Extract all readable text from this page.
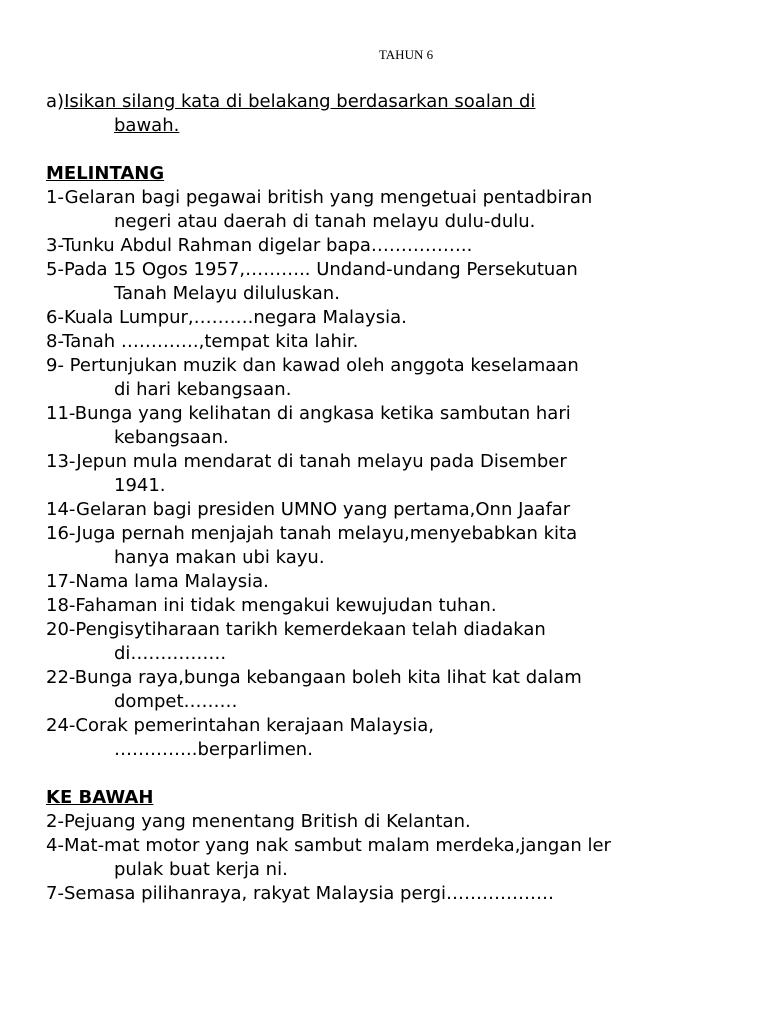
TAHUN 6
a)Isikan silang kata di belakang berdasarkan soalan di
bawah.
MELINTANG
1-Gelaran bagi pegawai british yang mengetuai pentadbiran
negeri atau daerah di tanah melayu dulu-dulu.
3-Tunku Abdul Rahman digelar bapa……………..
5-Pada 15 Ogos 1957,……….. Undand-undang Persekutuan
Tanah Melayu diluluskan.
6-Kuala Lumpur,……….negara Malaysia.
8-Tanah ………….,tempat kita lahir.
9- Pertunjukan muzik dan kawad oleh anggota keselamaan
di hari kebangsaan.
11-Bunga yang kelihatan di angkasa ketika sambutan hari
kebangsaan.
13-Jepun mula mendarat di tanah melayu pada Disember
1941.
14-Gelaran bagi presiden UMNO yang pertama,Onn Jaafar
16-Juga pernah menjajah tanah melayu,menyebabkan kita
hanya makan ubi kayu.
17-Nama lama Malaysia.
18-Fahaman ini tidak mengakui kewujudan tuhan.
20-Pengisytiharaan tarikh kemerdekaan telah diadakan
di…………….
22-Bunga raya,bunga kebangaan boleh kita lihat kat dalam
dompet………
24-Corak pemerintahan kerajaan Malaysia,
…………..berparlimen.
KE BAWAH
2-Pejuang yang menentang British di Kelantan.
4-Mat-mat motor yang nak sambut malam merdeka,jangan ler
pulak buat kerja ni.
7-Semasa pilihanraya, rakyat Malaysia pergi………………
